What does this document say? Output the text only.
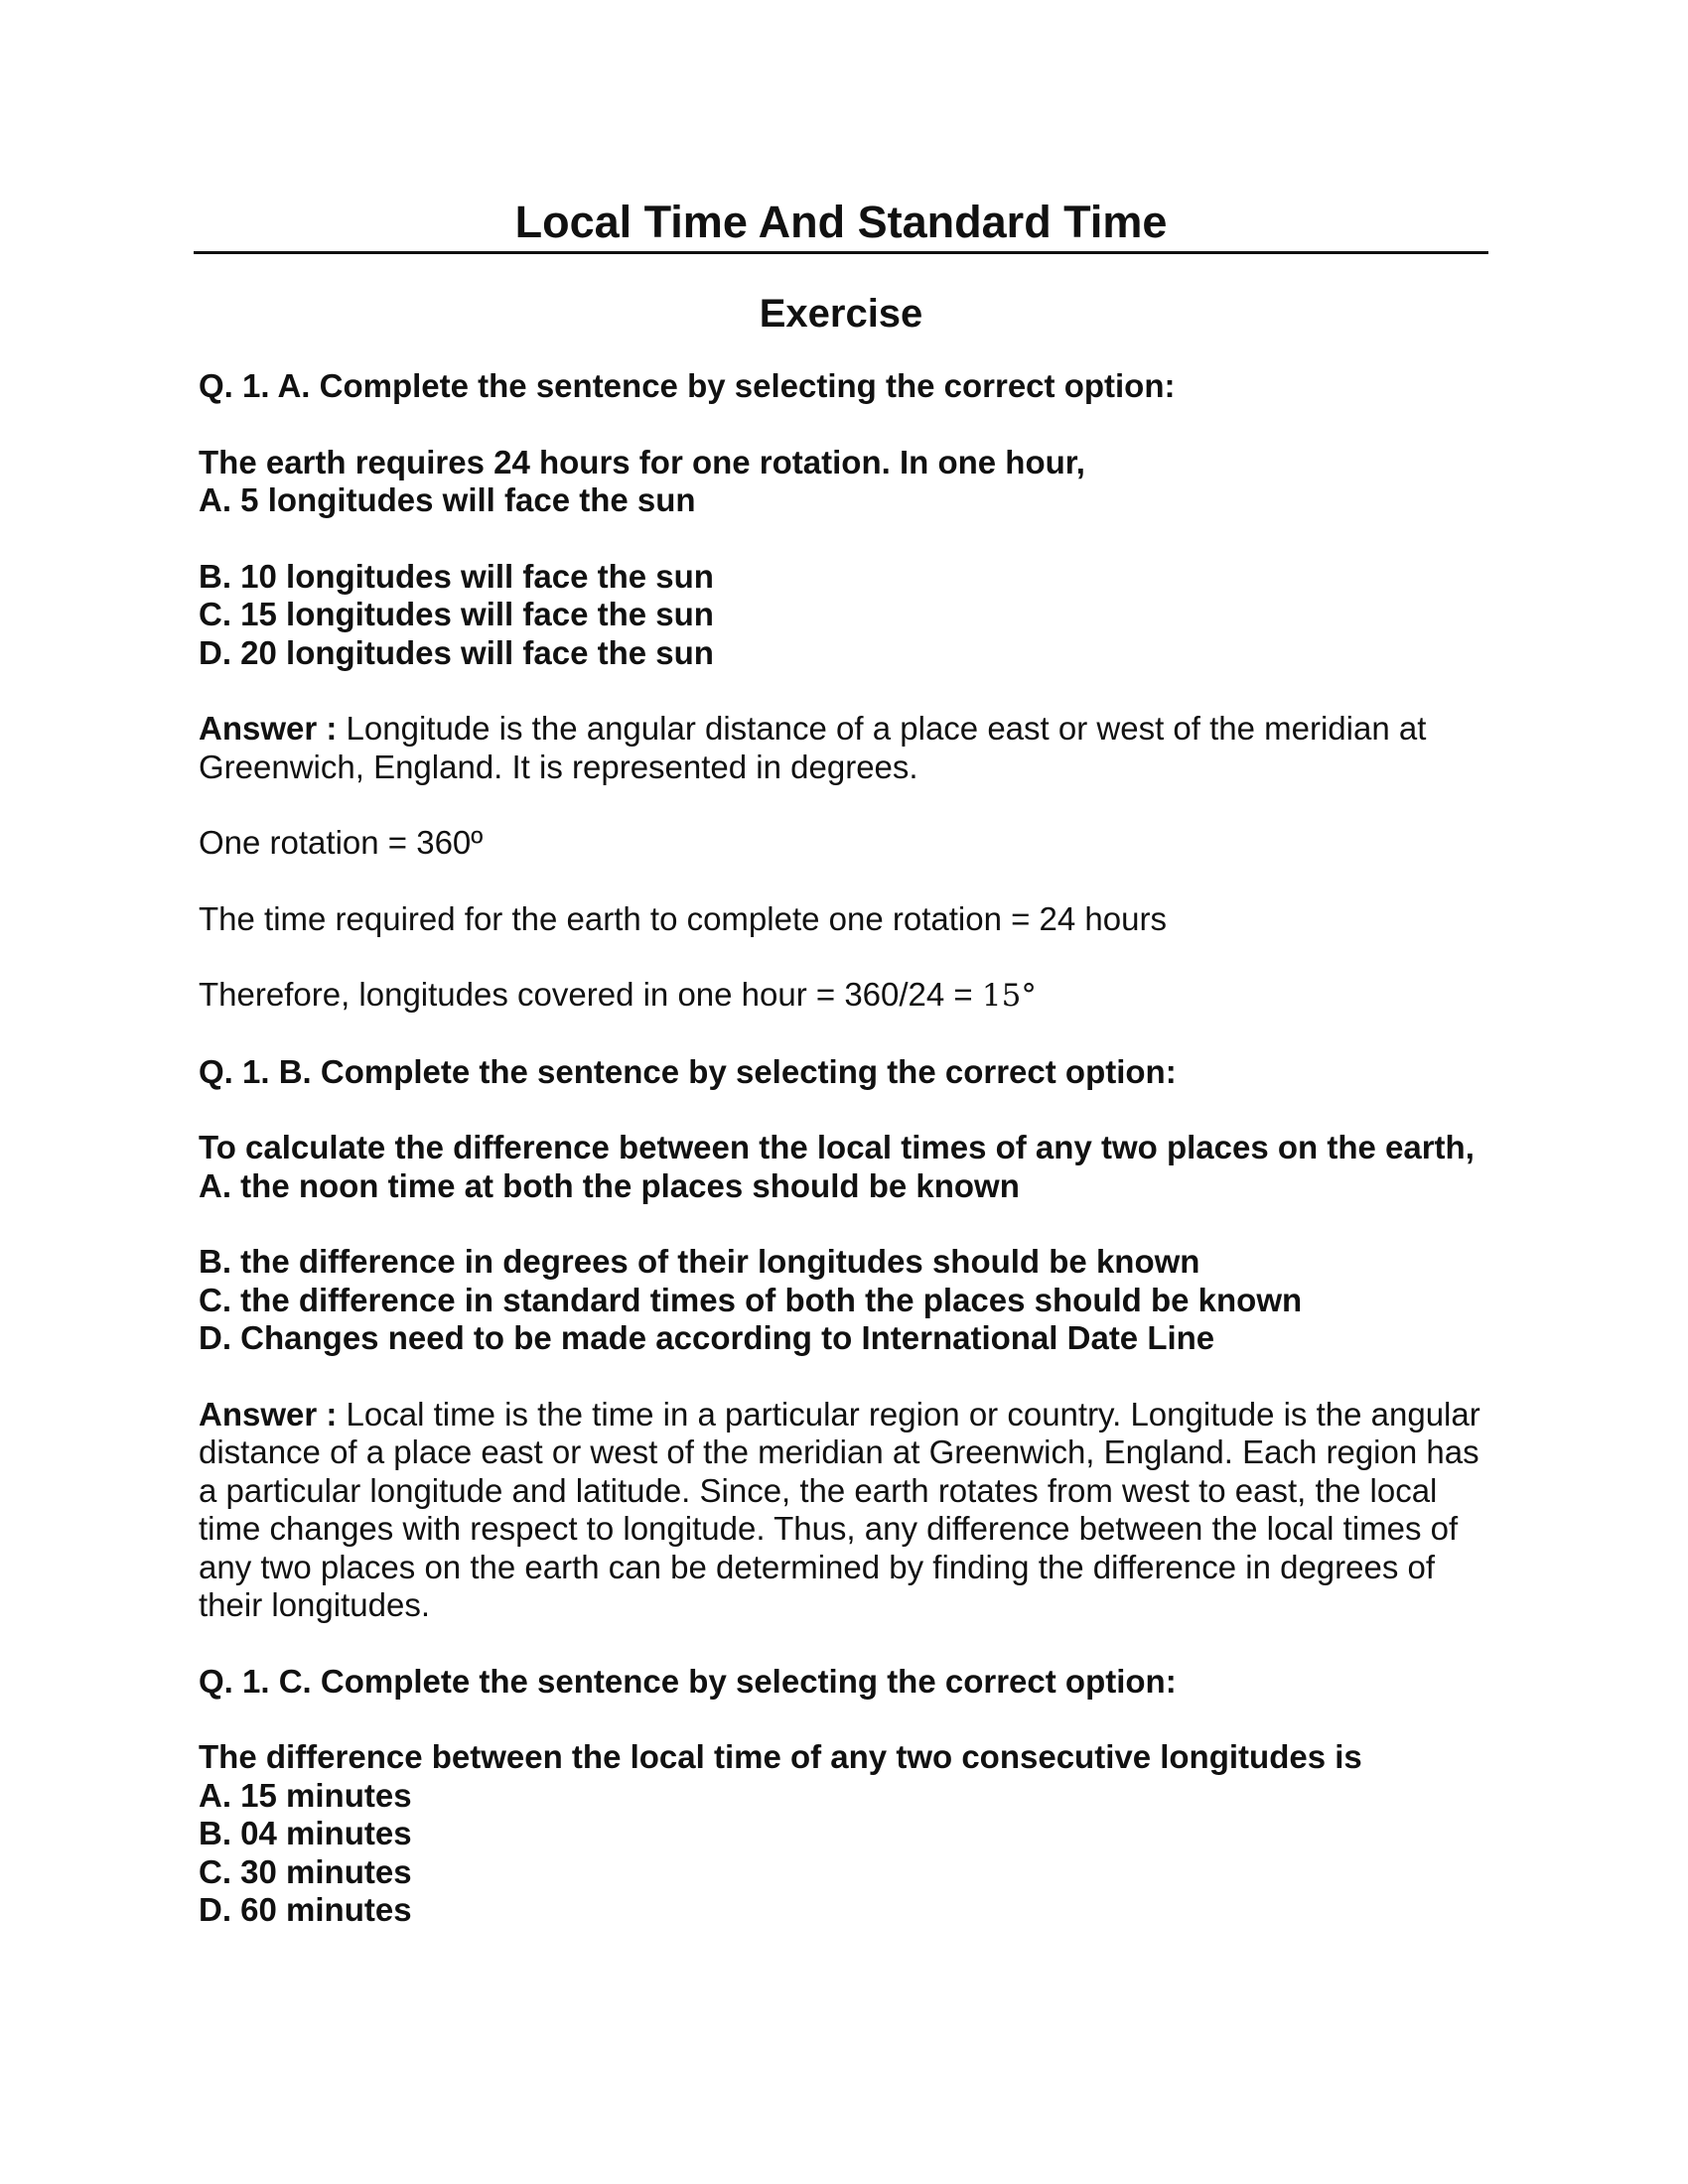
Local Time And Standard Time
Exercise

Q. 1. A. Complete the sentence by selecting the correct option:

The earth requires 24 hours for one rotation. In one hour,

A. 5 longitudes will face the sun

B. 10 longitudes will face the sun

C. 15 longitudes will face the sun

D. 20 longitudes will face the sun

Answer : Longitude is the angular distance of a place east or west of the meridian at Greenwich, England. It is represented in degrees.

One rotation = 360º

The time required for the earth to complete one rotation = 24 hours

Therefore, longitudes covered in one hour = 360/24 = 15°

Q. 1. B. Complete the sentence by selecting the correct option:

To calculate the difference between the local times of any two places on the earth,

A. the noon time at both the places should be known

B. the difference in degrees of their longitudes should be known

C. the difference in standard times of both the places should be known

D. Changes need to be made according to International Date Line

Answer : Local time is the time in a particular region or country. Longitude is the angular distance of a place east or west of the meridian at Greenwich, England. Each region has a particular longitude and latitude. Since, the earth rotates from west to east, the local time changes with respect to longitude. Thus, any difference between the local times of any two places on the earth can be determined by finding the difference in degrees of their longitudes.

Q. 1. C. Complete the sentence by selecting the correct option:

The difference between the local time of any two consecutive longitudes is

A. 15 minutes

B. 04 minutes

C. 30 minutes

D. 60 minutes
